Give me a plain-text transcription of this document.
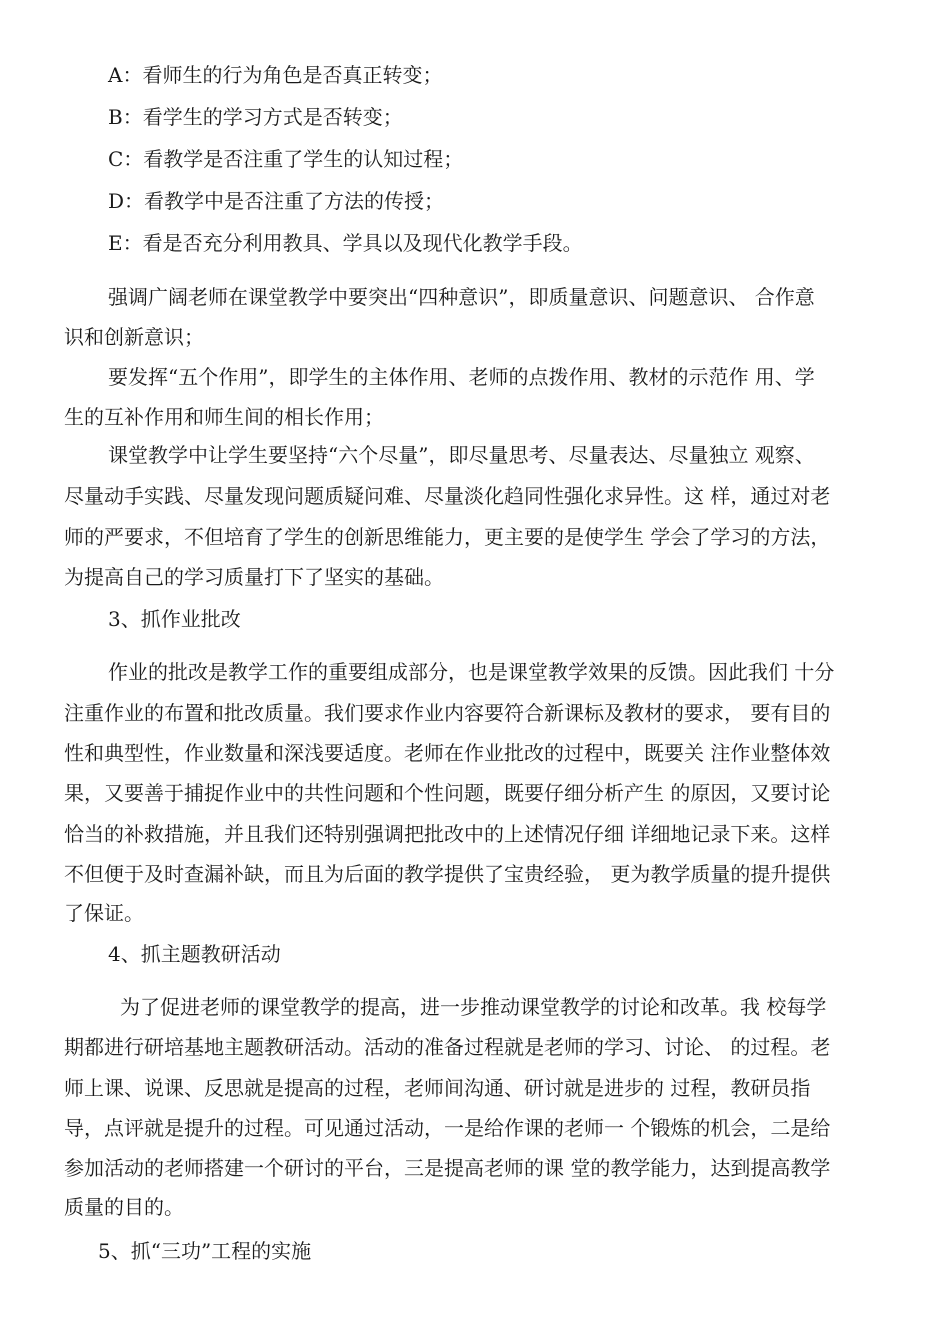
A：看师生的行为角色是否真正转变；

B：看学生的学习方式是否转变；

C：看教学是否注重了学生的认知过程；

D：看教学中是否注重了方法的传授；

E：看是否充分利用教具、学具以及现代化教学手段。

强调广阔老师在课堂教学中要突出“四种意识”，即质量意识、问题意识、 合作意

识和创新意识；

要发挥“五个作用”，即学生的主体作用、老师的点拨作用、教材的示范作 用、学

生的互补作用和师生间的相长作用；

课堂教学中让学生要坚持“六个尽量”，即尽量思考、尽量表达、尽量独立 观察、

尽量动手实践、尽量发现问题质疑问难、尽量淡化趋同性强化求异性。这 样，通过对老

师的严要求，不但培育了学生的创新思维能力，更主要的是使学生 学会了学习的方法，

为提高自己的学习质量打下了坚实的基础。

3、抓作业批改

作业的批改是教学工作的重要组成部分，也是课堂教学效果的反馈。因此我们 十分

注重作业的布置和批改质量。我们要求作业内容要符合新课标及教材的要求， 要有目的

性和典型性，作业数量和深浅要适度。老师在作业批改的过程中，既要关 注作业整体效

果，又要善于捕捉作业中的共性问题和个性问题，既要仔细分析产生 的原因，又要讨论

恰当的补救措施，并且我们还特别强调把批改中的上述情况仔细 详细地记录下来。这样

不但便于及时查漏补缺，而且为后面的教学提供了宝贵经验， 更为教学质量的提升提供

了保证。

4、抓主题教研活动

为了促进老师的课堂教学的提高，进一步推动课堂教学的讨论和改革。我 校每学

期都进行研培基地主题教研活动。活动的准备过程就是老师的学习、讨论、 的过程。老

师上课、说课、反思就是提高的过程，老师间沟通、研讨就是进步的 过程，教研员指

导，点评就是提升的过程。可见通过活动，一是给作课的老师一 个锻炼的机会，二是给

参加活动的老师搭建一个研讨的平台，三是提高老师的课 堂的教学能力，达到提高教学

质量的目的。

5、抓“三功”工程的实施
